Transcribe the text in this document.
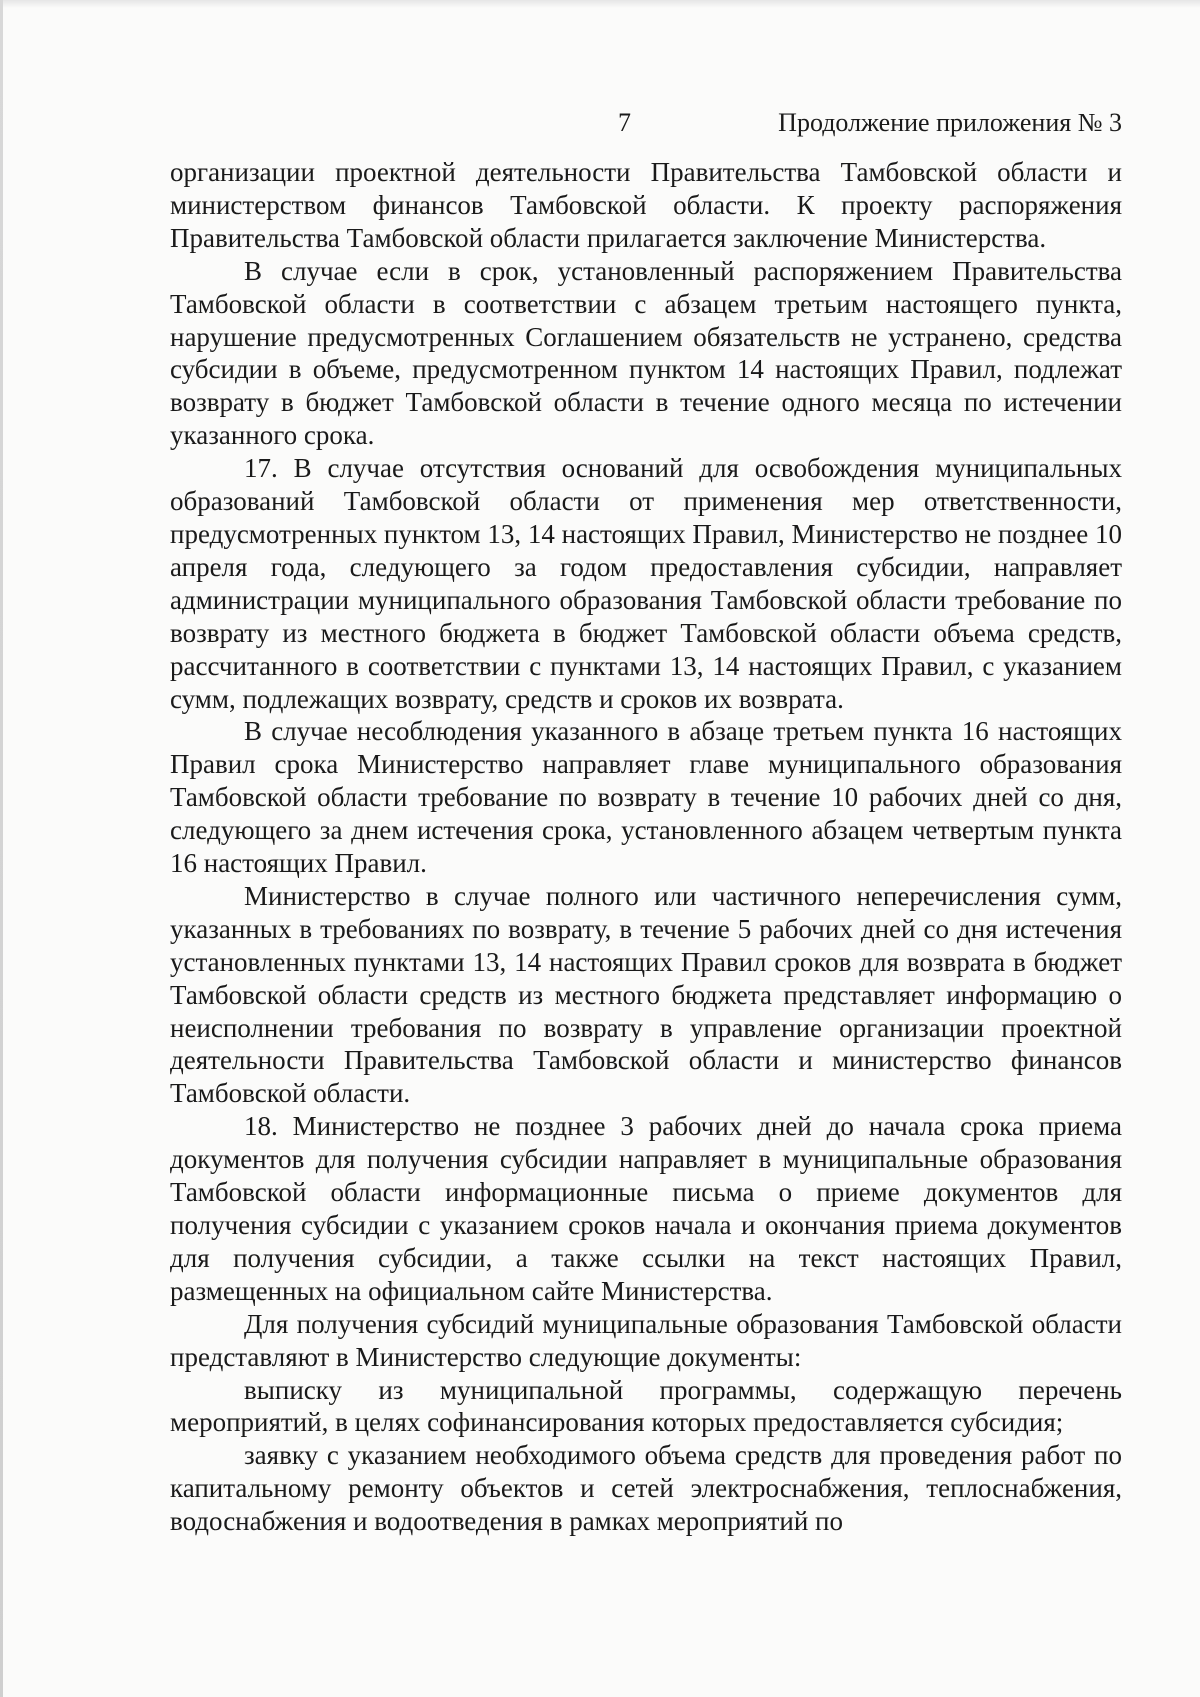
7	Продолжение приложения № 3

организации проектной деятельности Правительства Тамбовской области и министерством финансов Тамбовской области. К проекту распоряжения Правительства Тамбовской области прилагается заключение Министерства.

В случае если в срок, установленный распоряжением Правительства Тамбовской области в соответствии с абзацем третьим настоящего пункта, нарушение предусмотренных Соглашением обязательств не устранено, средства субсидии в объеме, предусмотренном пунктом 14 настоящих Правил, подлежат возврату в бюджет Тамбовской области в течение одного месяца по истечении указанного срока.

17. В случае отсутствия оснований для освобождения муниципальных образований Тамбовской области от применения мер ответственности, предусмотренных пунктом 13, 14 настоящих Правил, Министерство не позднее 10 апреля года, следующего за годом предоставления субсидии, направляет администрации муниципального образования Тамбовской области требование по возврату из местного бюджета в бюджет Тамбовской области объема средств, рассчитанного в соответствии с пунктами 13, 14 настоящих Правил, с указанием сумм, подлежащих возврату, средств и сроков их возврата.

В случае несоблюдения указанного в абзаце третьем пункта 16 настоящих Правил срока Министерство направляет главе муниципального образования Тамбовской области требование по возврату в течение 10 рабочих дней со дня, следующего за днем истечения срока, установленного абзацем четвертым пункта 16 настоящих Правил.

Министерство в случае полного или частичного неперечисления сумм, указанных в требованиях по возврату, в течение 5 рабочих дней со дня истечения установленных пунктами 13, 14 настоящих Правил сроков для возврата в бюджет Тамбовской области средств из местного бюджета представляет информацию о неисполнении требования по возврату в управление организации проектной деятельности Правительства Тамбовской области и министерство финансов Тамбовской области.

18. Министерство не позднее 3 рабочих дней до начала срока приема документов для получения субсидии направляет в муниципальные образования Тамбовской области информационные письма о приеме документов для получения субсидии с указанием сроков начала и окончания приема документов для получения субсидии, а также ссылки на текст настоящих Правил, размещенных на официальном сайте Министерства.

Для получения субсидий муниципальные образования Тамбовской области представляют в Министерство следующие документы:

выписку из муниципальной программы, содержащую перечень мероприятий, в целях софинансирования которых предоставляется субсидия;

заявку с указанием необходимого объема средств для проведения работ по капитальному ремонту объектов и сетей электроснабжения, теплоснабжения, водоснабжения и водоотведения в рамках мероприятий по
